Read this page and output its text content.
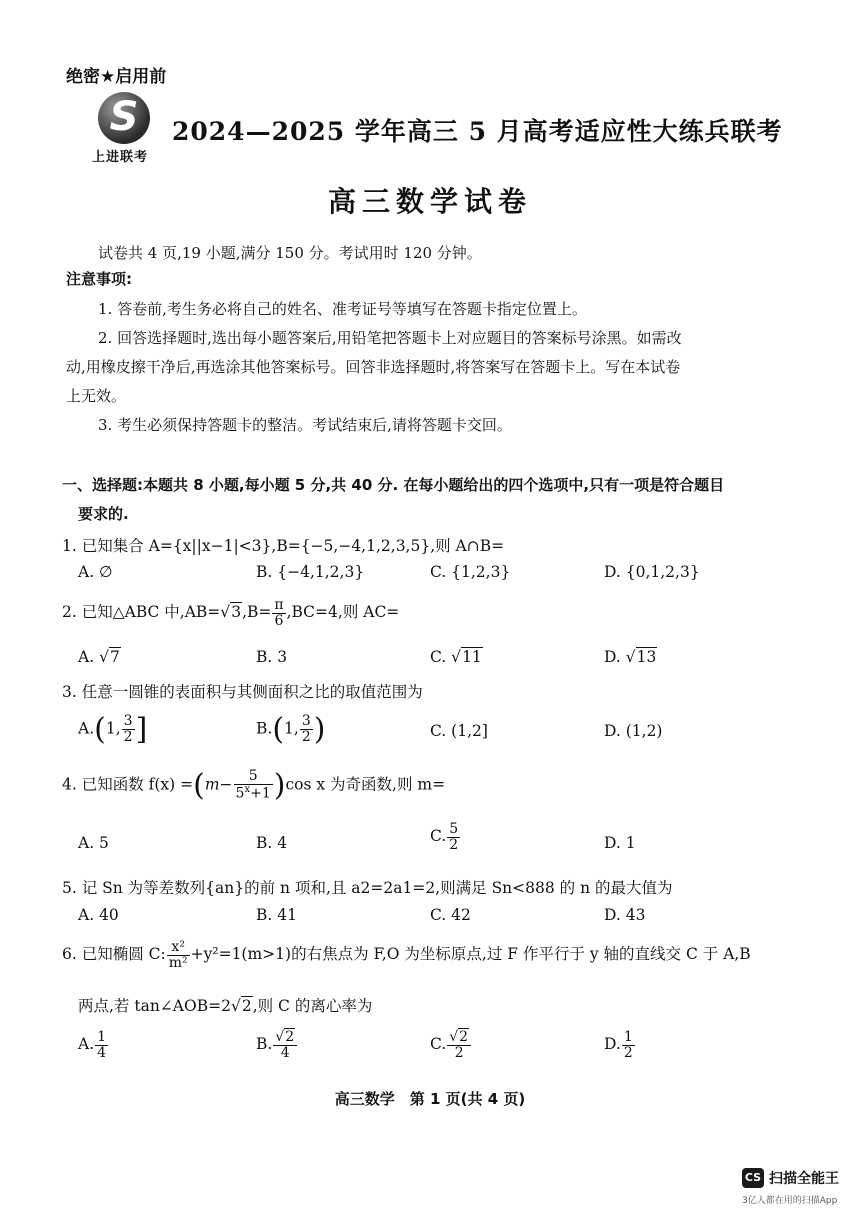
绝密★启用前
S
上进联考
2024—2025 学年高三 5 月高考适应性大练兵联考
高三数学试卷
试卷共 4 页,19 小题,满分 150 分。考试用时 120 分钟。
注意事项:
1. 答卷前,考生务必将自己的姓名、准考证号等填写在答题卡指定位置上。
2. 回答选择题时,选出每小题答案后,用铅笔把答题卡上对应题目的答案标号涂黑。如需改
动,用橡皮擦干净后,再选涂其他答案标号。回答非选择题时,将答案写在答题卡上。写在本试卷
上无效。
3. 考生必须保持答题卡的整洁。考试结束后,请将答题卡交回。
一、选择题:本题共 8 小题,每小题 5 分,共 40 分. 在每小题给出的四个选项中,只有一项是符合题目
要求的.
1. 已知集合 A={x||x−1|<3},B={−5,−4,1,2,3,5},则 A∩B=
A. ∅	B. {−4,1,2,3}	C. {1,2,3}	D. {0,1,2,3}
2. 已知△ABC 中$,AB=√3,B= \frac{\pi}{6} ,BC=4$,则 AC=
A. √7	B. 3	C. √11	D. √13
3. 任意一圆锥的表面积与其侧面积之比的取值范围为
A.(1, $\frac{3}{2}$ ]	B.(1, $\frac{3}{2}$ )	C. (1,2]	D. (1,2)
4. 已知函数 $f(x) =(m- \frac{5}{5^x+1} )\cos$ x 为奇函数,则 m=
A. 5	B. 4	C. $\frac{5}{2}$	D. 1
5. 记 Sn 为等差数列{an}的前 n 项和,且 a2=2a1=2,则满足 Sn<888 的 n 的最大值为
A. 40	B. 41	C. 42	D. 43
6. 已知椭圆 C: $\frac{\text{x²}}{\text{m²}} +y^2=1(m>1)$的右焦点为 F,O 为坐标原点,过 F 作平行于 y 轴的直线交 C 于 A,B
两点,若 tan∠AOB=2√2,则 C 的离心率为
A. $\frac{1}{4}$	B. $\frac{√2}{4}$	C. $\frac{√2}{2}$	D. $\frac{1}{2}$
高三数学　第 1 页(共 4 页)
CS 扫描全能王
3亿人都在用的扫描App
